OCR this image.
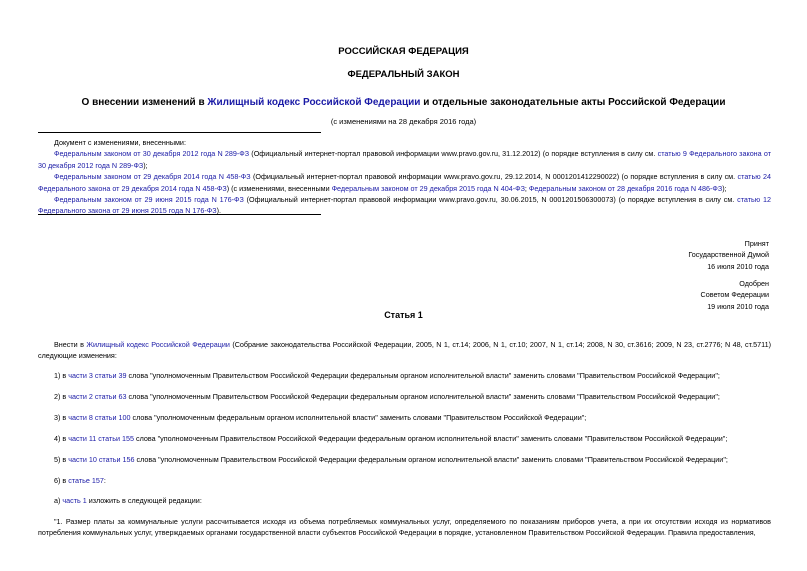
РОССИЙСКАЯ ФЕДЕРАЦИЯ
ФЕДЕРАЛЬНЫЙ ЗАКОН
О внесении изменений в Жилищный кодекс Российской Федерации и отдельные законодательные акты Российской Федерации
(с изменениями на 28 декабря 2016 года)

Документ с изменениями, внесенными:

Федеральным законом от 30 декабря 2012 года N 289-ФЗ (Официальный интернет-портал правовой информации www.pravo.gov.ru, 31.12.2012) (о порядке вступления в силу см. статью 9 Федерального закона от 30 декабря 2012 года N 289-ФЗ);

Федеральным законом от 29 декабря 2014 года N 458-ФЗ (Официальный интернет-портал правовой информации www.pravo.gov.ru, 29.12.2014, N 0001201412290022) (о порядке вступления в силу см. статью 24 Федерального закона от 29 декабря 2014 года N 458-ФЗ) (с изменениями, внесенными Федеральным законом от 29 декабря 2015 года N 404-ФЗ; Федеральным законом от 28 декабря 2016 года N 486-ФЗ);

Федеральным законом от 29 июня 2015 года N 176-ФЗ (Официальный интернет-портал правовой информации www.pravo.gov.ru, 30.06.2015, N 0001201506300073) (о порядке вступления в силу см. статью 12 Федерального закона от 29 июня 2015 года N 176-ФЗ).

Принят
Государственной Думой
16 июля 2010 года
Одобрен
Советом Федерации
19 июля 2010 года
Статья 1

Внести в Жилищный кодекс Российской Федерации (Собрание законодательства Российской Федерации, 2005, N 1, ст.14; 2006, N 1, ст.10; 2007, N 1, ст.14; 2008, N 30, ст.3616; 2009, N 23, ст.2776; N 48, ст.5711) следующие изменения:

1) в части 3 статьи 39 слова "уполномоченным Правительством Российской Федерации федеральным органом исполнительной власти" заменить словами "Правительством Российской Федерации";

2) в части 2 статьи 63 слова "уполномоченным Правительством Российской Федерации федеральным органом исполнительной власти" заменить словами "Правительством Российской Федерации";

3) в части 8 статьи 100 слова "уполномоченным федеральным органом исполнительной власти" заменить словами "Правительством Российской Федерации";

4) в части 11 статьи 155 слова "уполномоченным Правительством Российской Федерации федеральным органом исполнительной власти" заменить словами "Правительством Российской Федерации";

5) в части 10 статьи 156 слова "уполномоченным Правительством Российской Федерации федеральным органом исполнительной власти" заменить словами "Правительством Российской Федерации";

6) в статье 157:

а) часть 1 изложить в следующей редакции:

"1. Размер платы за коммунальные услуги рассчитывается исходя из объема потребляемых коммунальных услуг, определяемого по показаниям приборов учета, а при их отсутствии исходя из нормативов потребления коммунальных услуг, утверждаемых органами государственной власти субъектов Российской Федерации в порядке, установленном Правительством Российской Федерации. Правила предоставления,
